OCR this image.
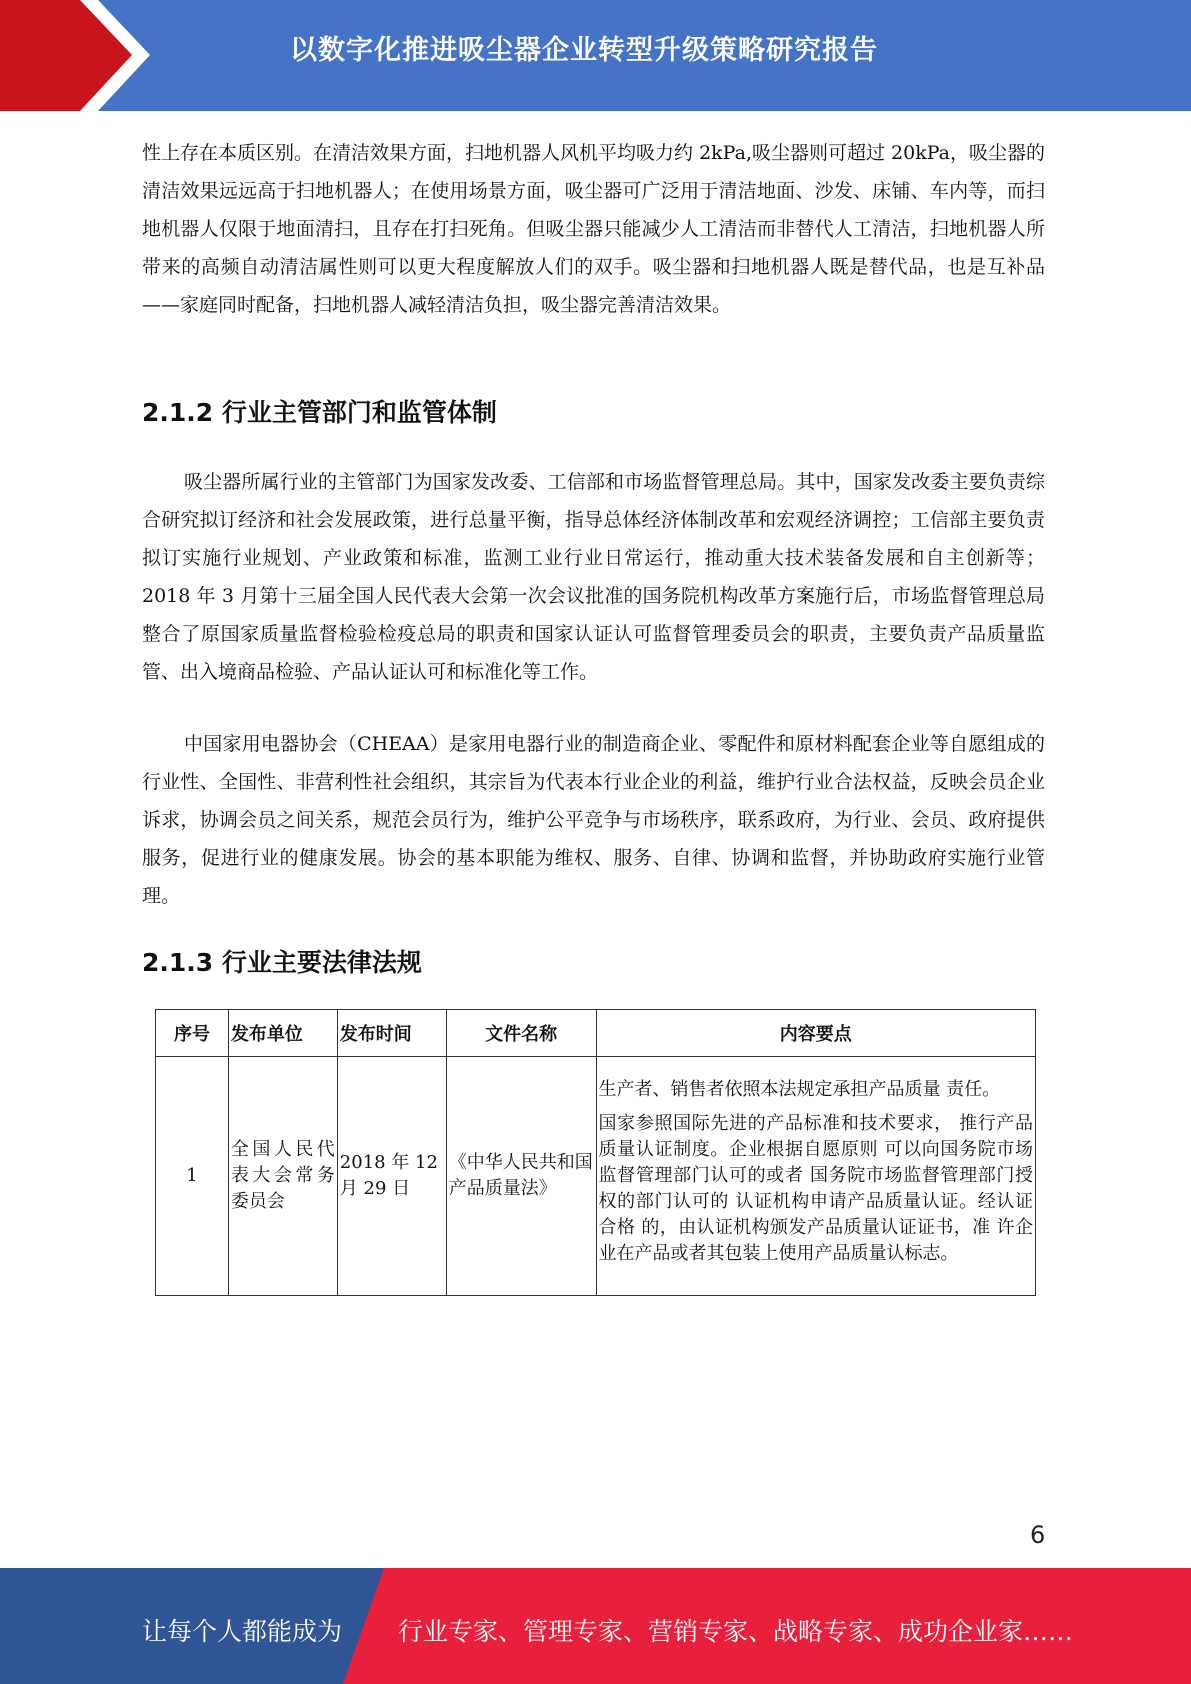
以数字化推进吸尘器企业转型升级策略研究报告
性上存在本质区别。在清洁效果方面，扫地机器人风机平均吸力约 2kPa,吸尘器则可超过 20kPa，吸尘器的清洁效果远远高于扫地机器人；在使用场景方面，吸尘器可广泛用于清洁地面、沙发、床铺、车内等，而扫地机器人仅限于地面清扫，且存在打扫死角。但吸尘器只能减少人工清洁而非替代人工清洁，扫地机器人所带来的高频自动清洁属性则可以更大程度解放人们的双手。吸尘器和扫地机器人既是替代品，也是互补品——家庭同时配备，扫地机器人减轻清洁负担，吸尘器完善清洁效果。
2.1.2 行业主管部门和监管体制
吸尘器所属行业的主管部门为国家发改委、工信部和市场监督管理总局。其中，国家发改委主要负责综合研究拟订经济和社会发展政策，进行总量平衡，指导总体经济体制改革和宏观经济调控；工信部主要负责拟订实施行业规划、产业政策和标准，监测工业行业日常运行，推动重大技术装备发展和自主创新等；2018 年 3 月第十三届全国人民代表大会第一次会议批准的国务院机构改革方案施行后，市场监督管理总局整合了原国家质量监督检验检疫总局的职责和国家认证认可监督管理委员会的职责，主要负责产品质量监管、出入境商品检验、产品认证认可和标准化等工作。
中国家用电器协会（CHEAA）是家用电器行业的制造商企业、零配件和原材料配套企业等自愿组成的行业性、全国性、非营利性社会组织，其宗旨为代表本行业企业的利益，维护行业合法权益，反映会员企业诉求，协调会员之间关系，规范会员行为，维护公平竞争与市场秩序，联系政府，为行业、会员、政府提供服务，促进行业的健康发展。协会的基本职能为维权、服务、自律、协调和监督，并协助政府实施行业管理。
2.1.3 行业主要法律法规
序号	发布单位	发布时间	文件名称	内容要点
1	全国人民代表大会常务委员会	2018 年 12 月 29 日	《中华人民共和国产品质量法》	生产者、销售者依照本法规定承担产品质量 责任。

国家参照国际先进的产品标准和技术要求， 推行产品质量认证制度。企业根据自愿原则 可以向国务院市场监督管理部门认可的或者 国务院市场监督管理部门授权的部门认可的 认证机构申请产品质量认证。经认证合格 的，由认证机构颁发产品质量认证证书，准 许企业在产品或者其包装上使用产品质量认标志。

6
让每个人都能成为 行业专家、管理专家、营销专家、战略专家、成功企业家……
